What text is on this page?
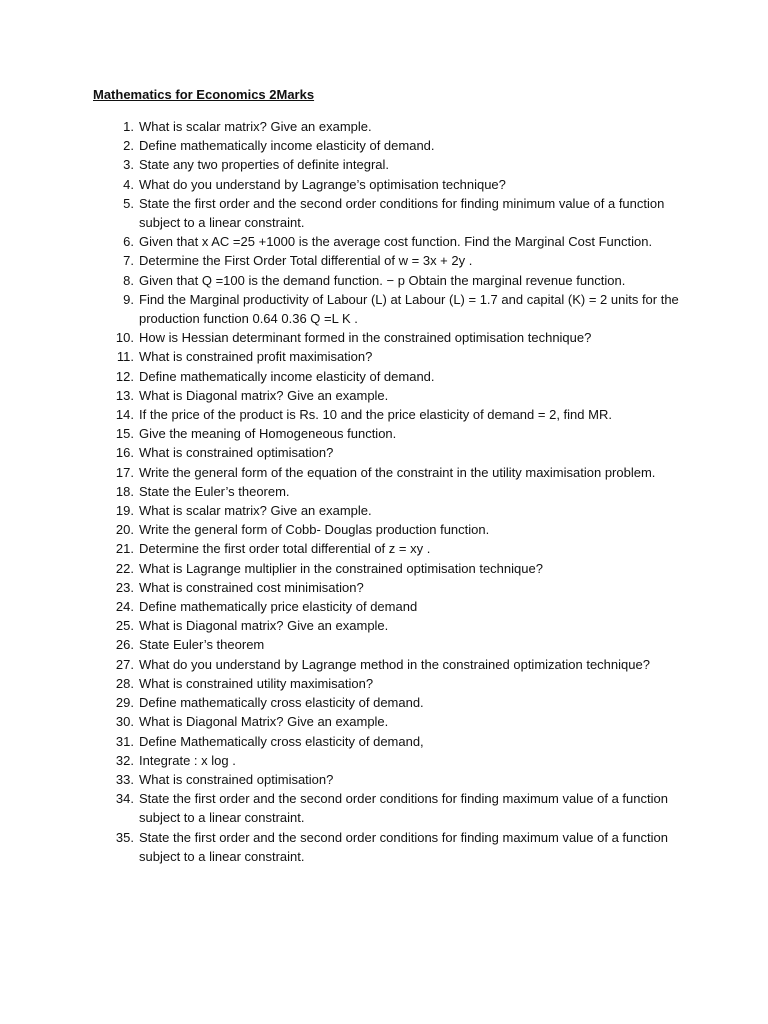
Mathematics for Economics 2Marks
1. What is scalar matrix? Give an example.
2. Define mathematically income elasticity of demand.
3. State any two properties of definite integral.
4. What do you understand by Lagrange’s optimisation technique?
5. State the first order and the second order conditions for finding minimum value of a function subject to a linear constraint.
6. Given that x AC =25 +1000 is the average cost function. Find the Marginal Cost Function.
7. Determine the First Order Total differential of w = 3x + 2y .
8. Given that Q =100 is the demand function. − p Obtain the marginal revenue function.
9. Find the Marginal productivity of Labour (L) at Labour (L) = 1.7 and capital (K) = 2 units for the production function 0.64 0.36 Q =L K .
10. How is Hessian determinant formed in the constrained optimisation technique?
11. What is constrained profit maximisation?
12. Define mathematically income elasticity of demand.
13. What is Diagonal matrix? Give an example.
14. If the price of the product is Rs. 10 and the price elasticity of demand = 2, find MR.
15. Give the meaning of Homogeneous function.
16. What is constrained optimisation?
17. Write the general form of the equation of the constraint in the utility maximisation problem.
18. State the Euler’s theorem.
19. What is scalar matrix? Give an example.
20. Write the general form of Cobb- Douglas production function.
21. Determine the first order total differential of z = xy .
22. What is Lagrange multiplier in the constrained optimisation technique?
23. What is constrained cost minimisation?
24. Define mathematically price elasticity of demand
25. What is Diagonal matrix? Give an example.
26. State Euler’s theorem
27. What do you understand by Lagrange method in the constrained optimization technique?
28. What is constrained utility maximisation?
29. Define mathematically cross elasticity of demand.
30. What is Diagonal Matrix? Give an example.
31. Define Mathematically cross elasticity of demand,
32. Integrate : x log .
33. What is constrained optimisation?
34. State the first order and the second order conditions for finding maximum value of a function subject to a linear constraint.
35. State the first order and the second order conditions for finding maximum value of a function subject to a linear constraint.
